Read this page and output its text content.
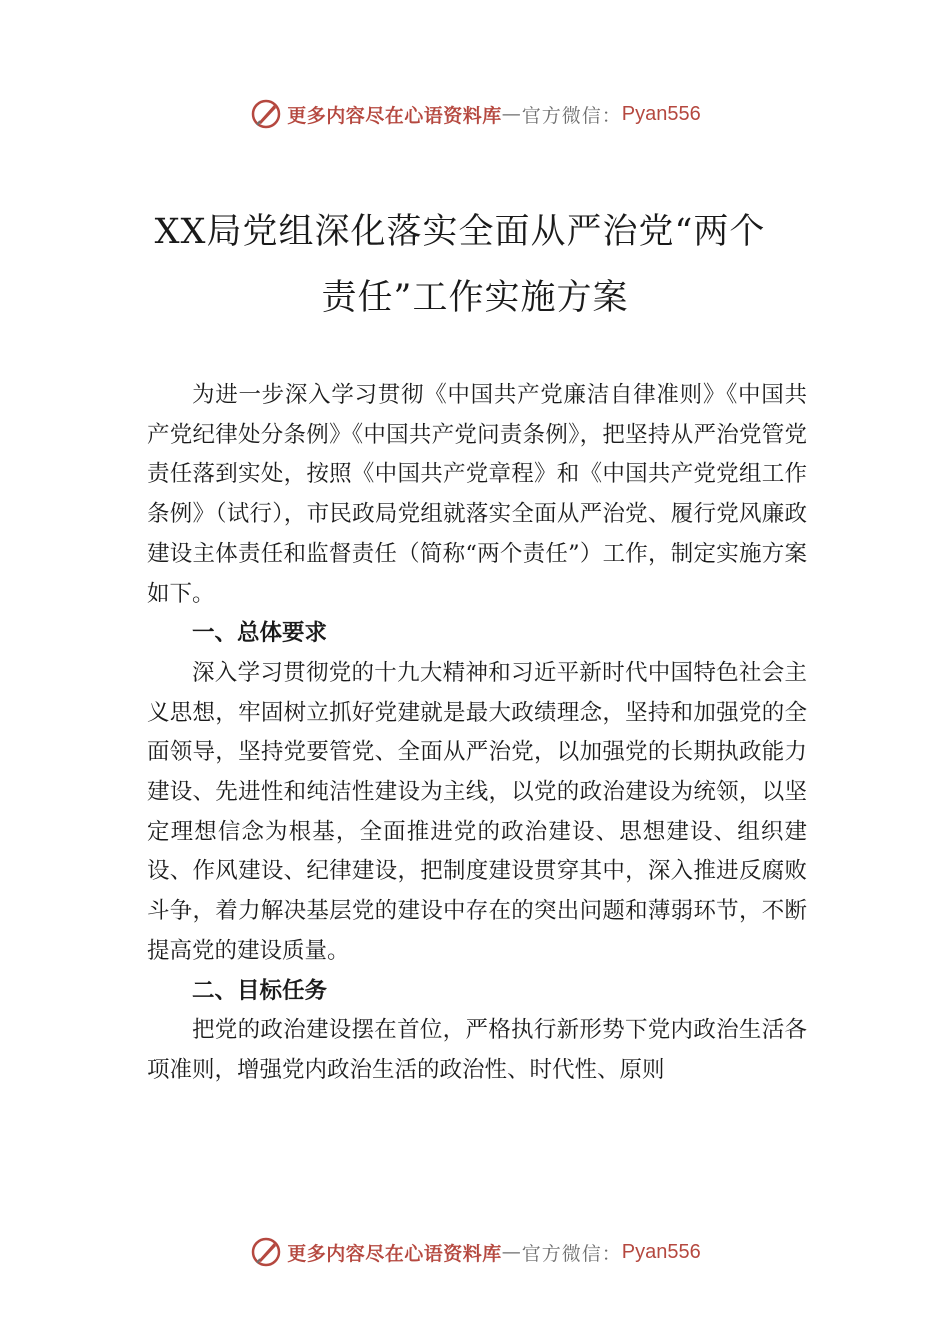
更多内容尽在心语资料库 — 官方微信： Pyan556
XX局党组深化落实全面从严治党“两个
责任”工作实施方案

为进一步深入学习贯彻《中国共产党廉洁自律准则》《中国共产党纪律处分条例》《中国共产党问责条例》，把坚持从严治党管党责任落到实处，按照《中国共产党章程》和《中国共产党党组工作条例》（试行），市民政局党组就落实全面从严治党、履行党风廉政建设主体责任和监督责任（简称“两个责任”）工作，制定实施方案如下。

一、总体要求

深入学习贯彻党的十九大精神和习近平新时代中国特色社会主义思想，牢固树立抓好党建就是最大政绩理念，坚持和加强党的全面领导，坚持党要管党、全面从严治党，以加强党的长期执政能力建设、先进性和纯洁性建设为主线，以党的政治建设为统领，以坚定理想信念为根基，全面推进党的政治建设、思想建设、组织建设、作风建设、纪律建设，把制度建设贯穿其中，深入推进反腐败斗争，着力解决基层党的建设中存在的突出问题和薄弱环节，不断提高党的建设质量。

二、目标任务

把党的政治建设摆在首位，严格执行新形势下党内政治生活各项准则，增强党内政治生活的政治性、时代性、原则

更多内容尽在心语资料库 — 官方微信： Pyan556
